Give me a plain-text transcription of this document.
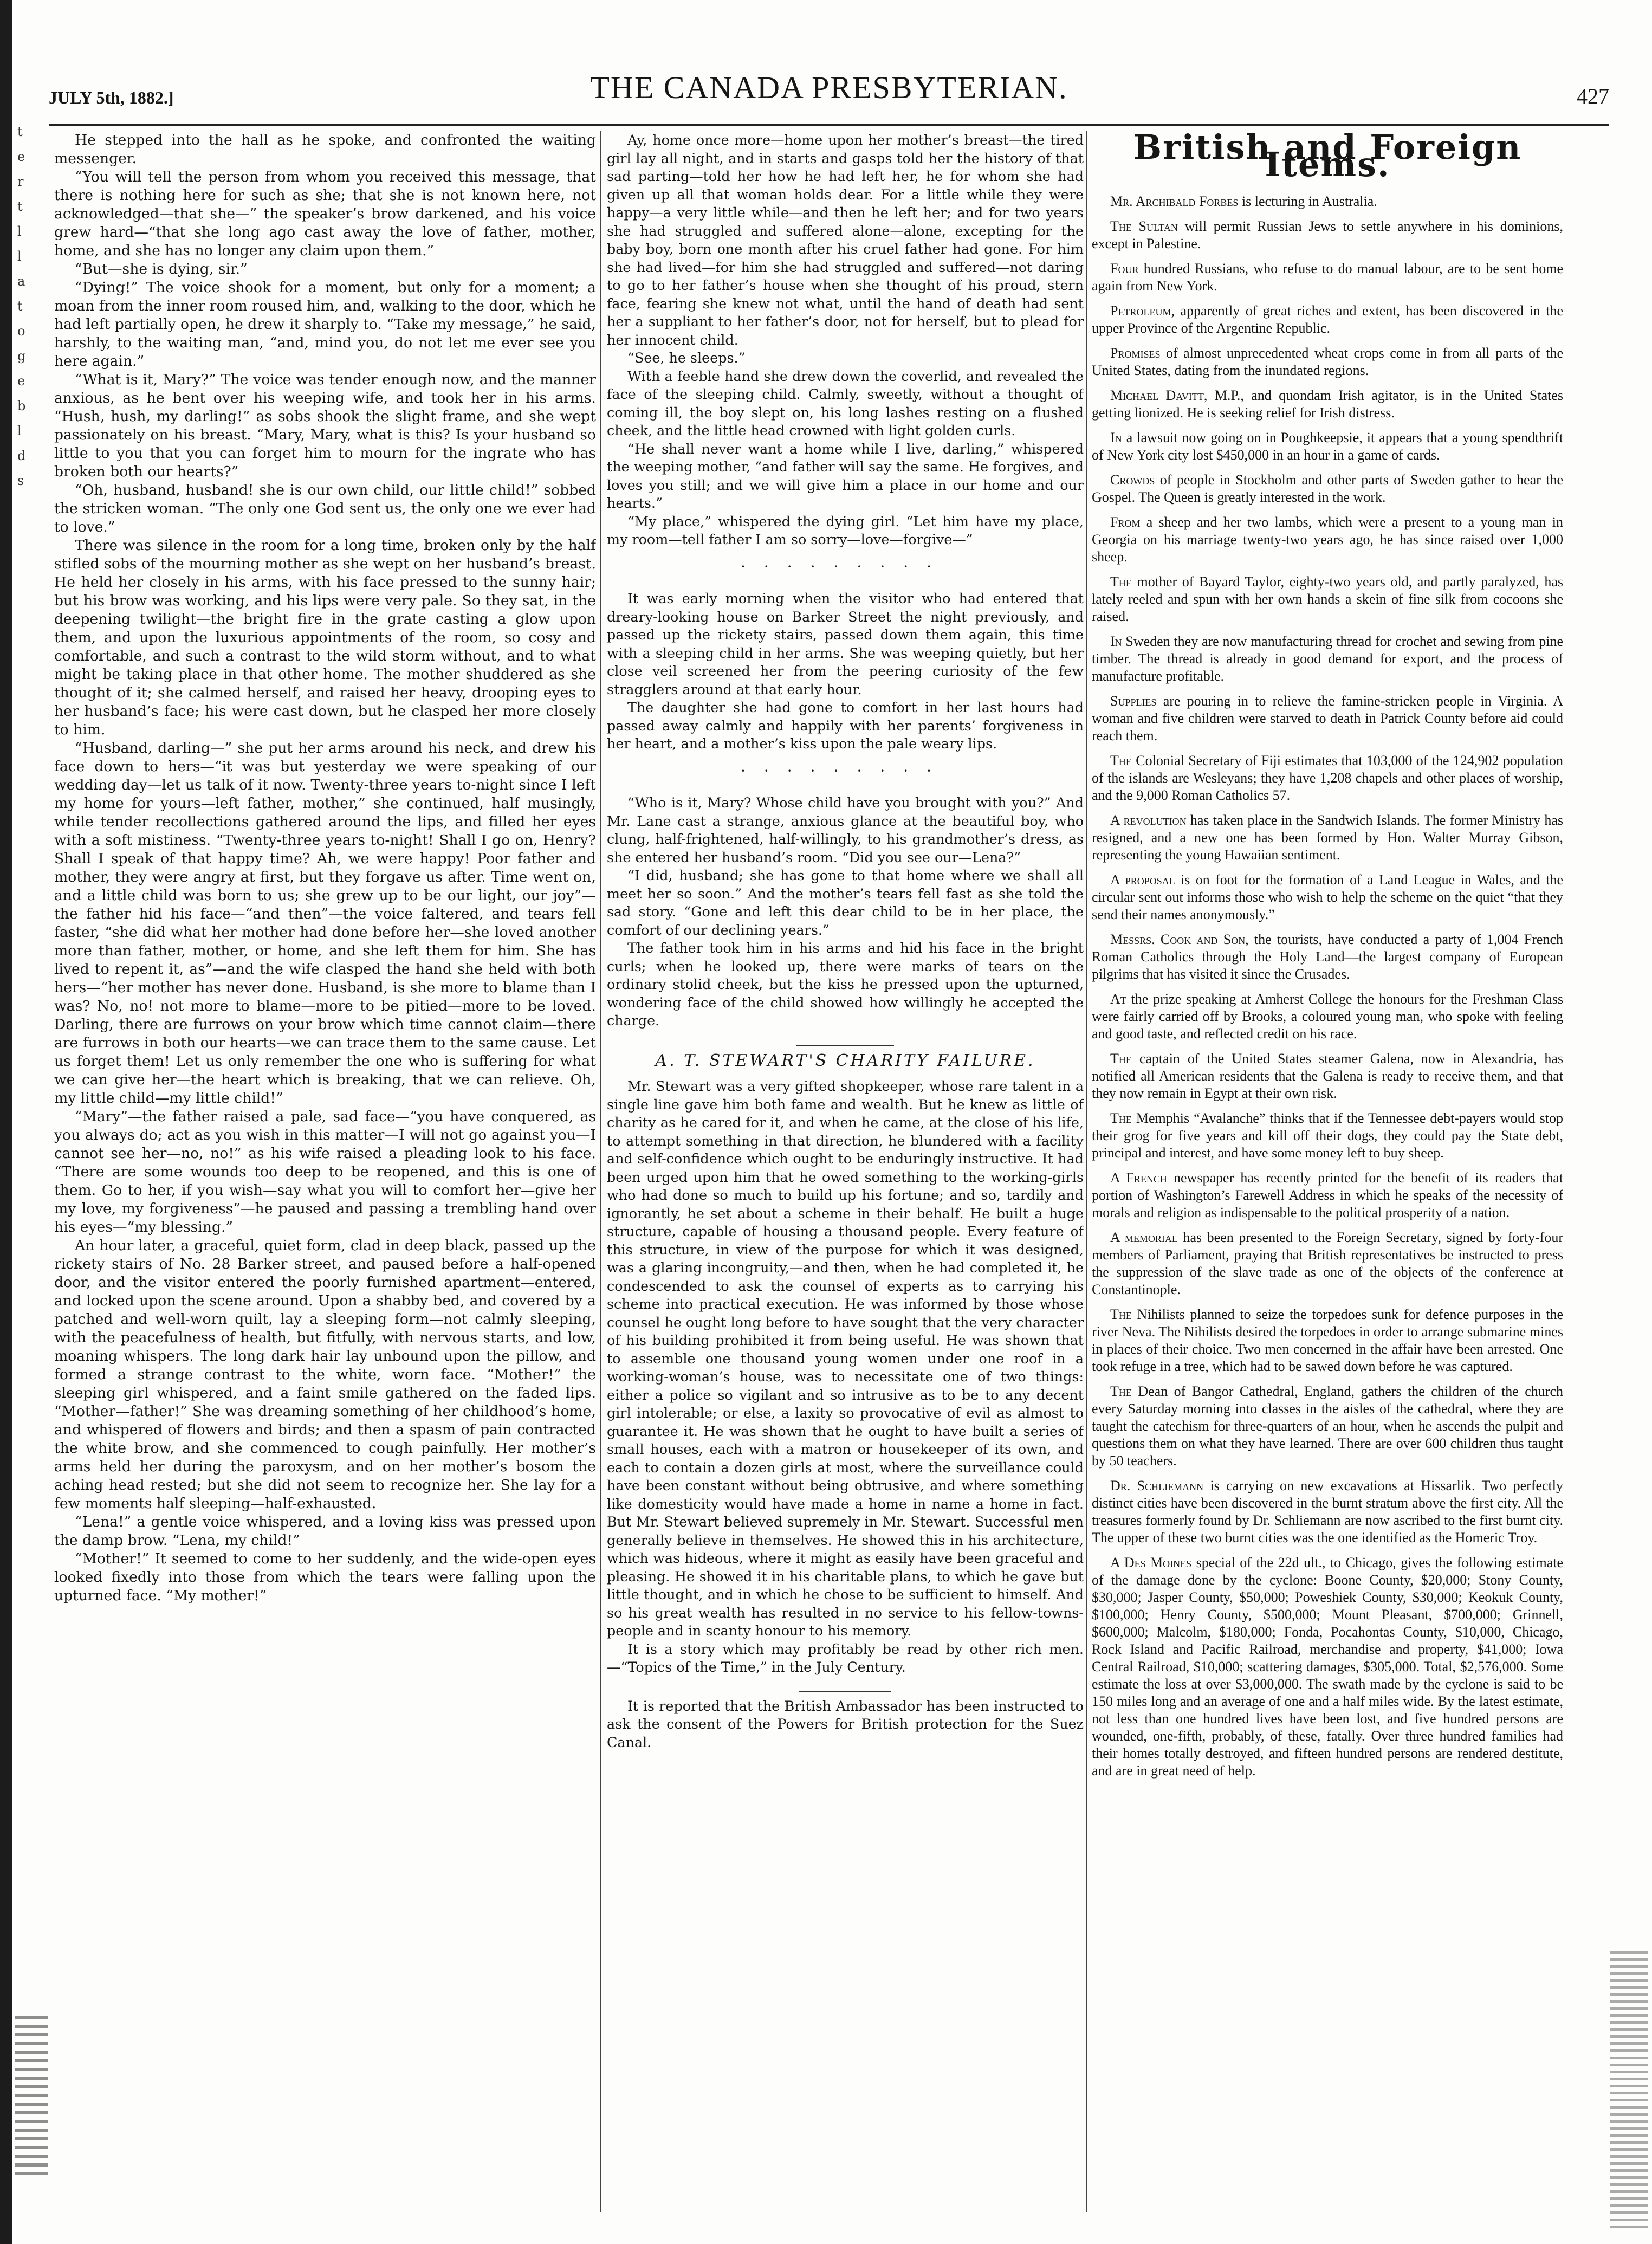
t
e
r
t
l
l
a
t
o
g
e
b
l
d
s
JULY 5th, 1882.]	THE CANADA PRESBYTERIAN.	427

He stepped into the hall as he spoke, and confronted the waiting messenger.

“You will tell the person from whom you received this message, that there is nothing here for such as she; that she is not known here, not acknowledged—that she—” the speaker’s brow darkened, and his voice grew hard—“that she long ago cast away the love of father, mother, home, and she has no longer any claim upon them.”

“But—she is dying, sir.”

“Dying!” The voice shook for a moment, but only for a moment; a moan from the inner room roused him, and, walking to the door, which he had left partially open, he drew it sharply to. “Take my message,” he said, harshly, to the waiting man, “and, mind you, do not let me ever see you here again.”

“What is it, Mary?” The voice was tender enough now, and the manner anxious, as he bent over his weeping wife, and took her in his arms. “Hush, hush, my darling!” as sobs shook the slight frame, and she wept passionately on his breast. “Mary, Mary, what is this? Is your husband so little to you that you can forget him to mourn for the ingrate who has broken both our hearts?”

“Oh, husband, husband! she is our own child, our little child!” sobbed the stricken woman. “The only one God sent us, the only one we ever had to love.”

There was silence in the room for a long time, broken only by the half stifled sobs of the mourning mother as she wept on her husband’s breast. He held her closely in his arms, with his face pressed to the sunny hair; but his brow was working, and his lips were very pale. So they sat, in the deepening twilight—the bright fire in the grate casting a glow upon them, and upon the luxurious appointments of the room, so cosy and comfortable, and such a contrast to the wild storm without, and to what might be taking place in that other home. The mother shuddered as she thought of it; she calmed herself, and raised her heavy, drooping eyes to her husband’s face; his were cast down, but he clasped her more closely to him.

“Husband, darling—” she put her arms around his neck, and drew his face down to hers—“it was but yesterday we were speaking of our wedding day—let us talk of it now. Twenty-three years to-night since I left my home for yours—left father, mother,” she continued, half musingly, while tender recollections gathered around the lips, and filled her eyes with a soft mistiness. “Twenty-three years to-night! Shall I go on, Henry? Shall I speak of that happy time? Ah, we were happy! Poor father and mother, they were angry at first, but they forgave us after. Time went on, and a little child was born to us; she grew up to be our light, our joy”—the father hid his face—“and then”—the voice faltered, and tears fell faster, “she did what her mother had done before her—she loved another more than father, mother, or home, and she left them for him. She has lived to repent it, as”—and the wife clasped the hand she held with both hers—“her mother has never done. Husband, is she more to blame than I was? No, no! not more to blame—more to be pitied—more to be loved. Darling, there are furrows on your brow which time cannot claim—there are furrows in both our hearts—we can trace them to the same cause. Let us forget them! Let us only remember the one who is suffering for what we can give her—the heart which is breaking, that we can relieve. Oh, my little child—my little child!”

“Mary”—the father raised a pale, sad face—“you have conquered, as you always do; act as you wish in this matter—I will not go against you—I cannot see her—no, no!” as his wife raised a pleading look to his face. “There are some wounds too deep to be reopened, and this is one of them. Go to her, if you wish—say what you will to comfort her—give her my love, my forgiveness”—he paused and passing a trembling hand over his eyes—“my blessing.”

An hour later, a graceful, quiet form, clad in deep black, passed up the rickety stairs of No. 28 Barker street, and paused before a half-opened door, and the visitor entered the poorly furnished apartment—entered, and locked upon the scene around. Upon a shabby bed, and covered by a patched and well-worn quilt, lay a sleeping form—not calmly sleeping, with the peacefulness of health, but fitfully, with nervous starts, and low, moaning whispers. The long dark hair lay unbound upon the pillow, and formed a strange contrast to the white, worn face. “Mother!” the sleeping girl whispered, and a faint smile gathered on the faded lips. “Mother—father!” She was dreaming something of her childhood’s home, and whispered of flowers and birds; and then a spasm of pain contracted the white brow, and she commenced to cough painfully. Her mother’s arms held her during the paroxysm, and on her mother’s bosom the aching head rested; but she did not seem to recognize her. She lay for a few moments half sleeping—half-exhausted.

“Lena!” a gentle voice whispered, and a loving kiss was pressed upon the damp brow. “Lena, my child!”

“Mother!” It seemed to come to her suddenly, and the wide-open eyes looked fixedly into those from which the tears were falling upon the upturned face. “My mother!”

Ay, home once more—home upon her mother’s breast—the tired girl lay all night, and in starts and gasps told her the history of that sad parting—told her how he had left her, he for whom she had given up all that woman holds dear. For a little while they were happy—a very little while—and then he left her; and for two years she had struggled and suffered alone—alone, excepting for the baby boy, born one month after his cruel father had gone. For him she had lived—for him she had struggled and suffered—not daring to go to her father’s house when she thought of his proud, stern face, fearing she knew not what, until the hand of death had sent her a suppliant to her father’s door, not for herself, but to plead for her innocent child.

“See, he sleeps.”

With a feeble hand she drew down the coverlid, and revealed the face of the sleeping child. Calmly, sweetly, without a thought of coming ill, the boy slept on, his long lashes resting on a flushed cheek, and the little head crowned with light golden curls.

“He shall never want a home while I live, darling,” whispered the weeping mother, “and father will say the same. He forgives, and loves you still; and we will give him a place in our home and our hearts.”

“My place,” whispered the dying girl. “Let him have my place, my room—tell father I am so sorry—love—forgive—”

·········

It was early morning when the visitor who had entered that dreary-looking house on Barker Street the night previously, and passed up the rickety stairs, passed down them again, this time with a sleeping child in her arms. She was weeping quietly, but her close veil screened her from the peering curiosity of the few stragglers around at that early hour.

The daughter she had gone to comfort in her last hours had passed away calmly and happily with her parents’ forgiveness in her heart, and a mother’s kiss upon the pale weary lips.

·········

“Who is it, Mary? Whose child have you brought with you?” And Mr. Lane cast a strange, anxious glance at the beautiful boy, who clung, half-frightened, half-willingly, to his grandmother’s dress, as she entered her husband’s room. “Did you see our—Lena?”

“I did, husband; she has gone to that home where we shall all meet her so soon.” And the mother’s tears fell fast as she told the sad story. “Gone and left this dear child to be in her place, the comfort of our declining years.”

The father took him in his arms and hid his face in the bright curls; when he looked up, there were marks of tears on the ordinary stolid cheek, but the kiss he pressed upon the upturned, wondering face of the child showed how willingly he accepted the charge.

A. T. STEWART'S CHARITY FAILURE.

Mr. Stewart was a very gifted shopkeeper, whose rare talent in a single line gave him both fame and wealth. But he knew as little of charity as he cared for it, and when he came, at the close of his life, to attempt something in that direction, he blundered with a facility and self-confidence which ought to be enduringly instructive. It had been urged upon him that he owed something to the working-girls who had done so much to build up his fortune; and so, tardily and ignorantly, he set about a scheme in their behalf. He built a huge structure, capable of housing a thousand people. Every feature of this structure, in view of the purpose for which it was designed, was a glaring incongruity,—and then, when he had completed it, he condescended to ask the counsel of experts as to carrying his scheme into practical execution. He was informed by those whose counsel he ought long before to have sought that the very character of his building prohibited it from being useful. He was shown that to assemble one thousand young women under one roof in a working-woman’s house, was to necessitate one of two things: either a police so vigilant and so intrusive as to be to any decent girl intolerable; or else, a laxity so provocative of evil as almost to guarantee it. He was shown that he ought to have built a series of small houses, each with a matron or housekeeper of its own, and each to contain a dozen girls at most, where the surveillance could have been constant without being obtrusive, and where something like domesticity would have made a home in name a home in fact. But Mr. Stewart believed supremely in Mr. Stewart. Successful men generally believe in themselves. He showed this in his architecture, which was hideous, where it might as easily have been graceful and pleasing. He showed it in his charitable plans, to which he gave but little thought, and in which he chose to be sufficient to himself. And so his great wealth has resulted in no service to his fellow-towns-people and in scanty honour to his memory.

It is a story which may profitably be read by other rich men.—“Topics of the Time,” in the July Century.

It is reported that the British Ambassador has been instructed to ask the consent of the Powers for British protection for the Suez Canal.

British and Foreign Items.

Mr. Archibald Forbes is lecturing in Australia.

The Sultan will permit Russian Jews to settle anywhere in his dominions, except in Palestine.

Four hundred Russians, who refuse to do manual labour, are to be sent home again from New York.

Petroleum, apparently of great riches and extent, has been discovered in the upper Province of the Argentine Republic.

Promises of almost unprecedented wheat crops come in from all parts of the United States, dating from the inundated regions.

Michael Davitt, M.P., and quondam Irish agitator, is in the United States getting lionized. He is seeking relief for Irish distress.

In a lawsuit now going on in Poughkeepsie, it appears that a young spendthrift of New York city lost $450,000 in an hour in a game of cards.

Crowds of people in Stockholm and other parts of Sweden gather to hear the Gospel. The Queen is greatly interested in the work.

From a sheep and her two lambs, which were a present to a young man in Georgia on his marriage twenty-two years ago, he has since raised over 1,000 sheep.

The mother of Bayard Taylor, eighty-two years old, and partly paralyzed, has lately reeled and spun with her own hands a skein of fine silk from cocoons she raised.

In Sweden they are now manufacturing thread for crochet and sewing from pine timber. The thread is already in good demand for export, and the process of manufacture profitable.

Supplies are pouring in to relieve the famine-stricken people in Virginia. A woman and five children were starved to death in Patrick County before aid could reach them.

The Colonial Secretary of Fiji estimates that 103,000 of the 124,902 population of the islands are Wesleyans; they have 1,208 chapels and other places of worship, and the 9,000 Roman Catholics 57.

A revolution has taken place in the Sandwich Islands. The former Ministry has resigned, and a new one has been formed by Hon. Walter Murray Gibson, representing the young Hawaiian sentiment.

A proposal is on foot for the formation of a Land League in Wales, and the circular sent out informs those who wish to help the scheme on the quiet “that they send their names anonymously.”

Messrs. Cook and Son, the tourists, have conducted a party of 1,004 French Roman Catholics through the Holy Land—the largest company of European pilgrims that has visited it since the Crusades.

At the prize speaking at Amherst College the honours for the Freshman Class were fairly carried off by Brooks, a coloured young man, who spoke with feeling and good taste, and reflected credit on his race.

The captain of the United States steamer Galena, now in Alexandria, has notified all American residents that the Galena is ready to receive them, and that they now remain in Egypt at their own risk.

The Memphis “Avalanche” thinks that if the Tennessee debt-payers would stop their grog for five years and kill off their dogs, they could pay the State debt, principal and interest, and have some money left to buy sheep.

A French newspaper has recently printed for the benefit of its readers that portion of Washington’s Farewell Address in which he speaks of the necessity of morals and religion as indispensable to the political prosperity of a nation.

A memorial has been presented to the Foreign Secretary, signed by forty-four members of Parliament, praying that British representatives be instructed to press the suppression of the slave trade as one of the objects of the conference at Constantinople.

The Nihilists planned to seize the torpedoes sunk for defence purposes in the river Neva. The Nihilists desired the torpedoes in order to arrange submarine mines in places of their choice. Two men concerned in the affair have been arrested. One took refuge in a tree, which had to be sawed down before he was captured.

The Dean of Bangor Cathedral, England, gathers the children of the church every Saturday morning into classes in the aisles of the cathedral, where they are taught the catechism for three-quarters of an hour, when he ascends the pulpit and questions them on what they have learned. There are over 600 children thus taught by 50 teachers.

Dr. Schliemann is carrying on new excavations at Hissarlik. Two perfectly distinct cities have been discovered in the burnt stratum above the first city. All the treasures formerly found by Dr. Schliemann are now ascribed to the first burnt city. The upper of these two burnt cities was the one identified as the Homeric Troy.

A Des Moines special of the 22d ult., to Chicago, gives the following estimate of the damage done by the cyclone: Boone County, $20,000; Stony County, $30,000; Jasper County, $50,000; Poweshiek County, $30,000; Keokuk County, $100,000; Henry County, $500,000; Mount Pleasant, $700,000; Grinnell, $600,000; Malcolm, $180,000; Fonda, Pocahontas County, $10,000, Chicago, Rock Island and Pacific Railroad, merchandise and property, $41,000; Iowa Central Railroad, $10,000; scattering damages, $305,000. Total, $2,576,000. Some estimate the loss at over $3,000,000. The swath made by the cyclone is said to be 150 miles long and an average of one and a half miles wide. By the latest estimate, not less than one hundred lives have been lost, and five hundred persons are wounded, one-fifth, probably, of these, fatally. Over three hundred families had their homes totally destroyed, and fifteen hundred persons are rendered destitute, and are in great need of help.
